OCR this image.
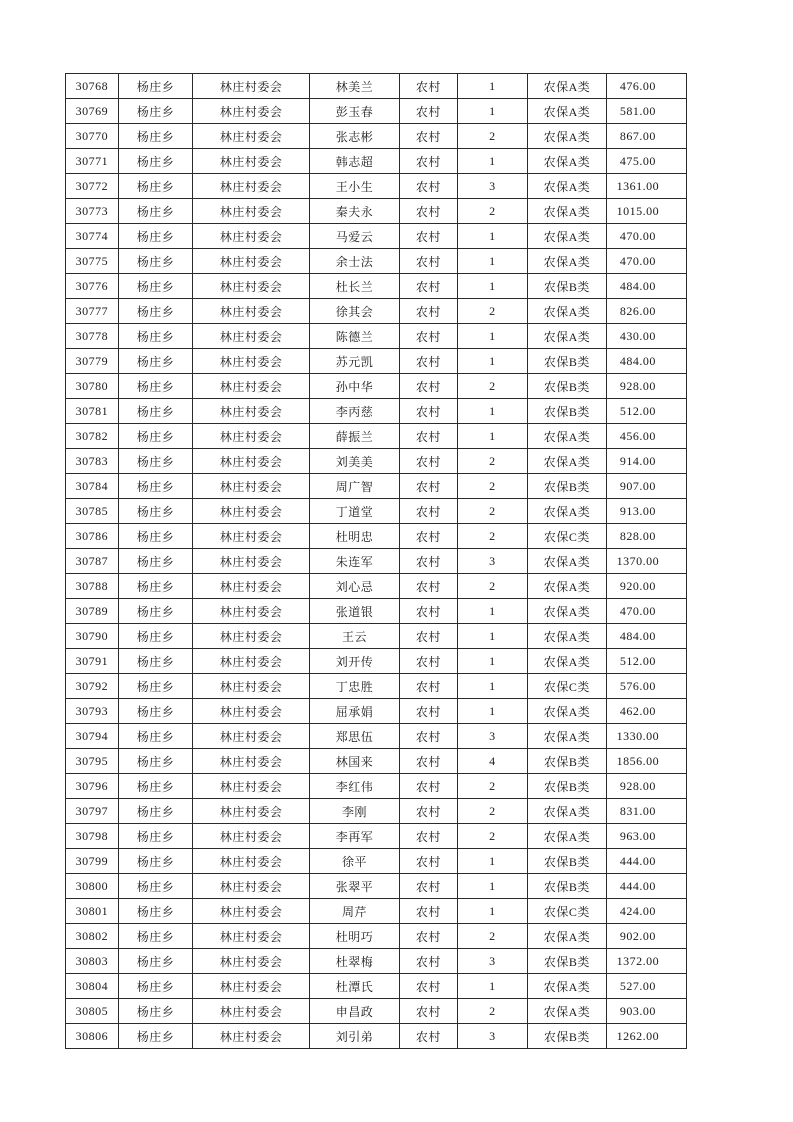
30768	杨庄乡	林庄村委会	林美兰	农村	1	农保A类	476.00
30769	杨庄乡	林庄村委会	彭玉春	农村	1	农保A类	581.00
30770	杨庄乡	林庄村委会	张志彬	农村	2	农保A类	867.00
30771	杨庄乡	林庄村委会	韩志超	农村	1	农保A类	475.00
30772	杨庄乡	林庄村委会	王小生	农村	3	农保A类	1361.00
30773	杨庄乡	林庄村委会	秦夫永	农村	2	农保A类	1015.00
30774	杨庄乡	林庄村委会	马爱云	农村	1	农保A类	470.00
30775	杨庄乡	林庄村委会	余士法	农村	1	农保A类	470.00
30776	杨庄乡	林庄村委会	杜长兰	农村	1	农保B类	484.00
30777	杨庄乡	林庄村委会	徐其会	农村	2	农保A类	826.00
30778	杨庄乡	林庄村委会	陈德兰	农村	1	农保A类	430.00
30779	杨庄乡	林庄村委会	苏元凯	农村	1	农保B类	484.00
30780	杨庄乡	林庄村委会	孙中华	农村	2	农保B类	928.00
30781	杨庄乡	林庄村委会	李丙慈	农村	1	农保B类	512.00
30782	杨庄乡	林庄村委会	薛振兰	农村	1	农保A类	456.00
30783	杨庄乡	林庄村委会	刘美美	农村	2	农保A类	914.00
30784	杨庄乡	林庄村委会	周广智	农村	2	农保B类	907.00
30785	杨庄乡	林庄村委会	丁道堂	农村	2	农保A类	913.00
30786	杨庄乡	林庄村委会	杜明忠	农村	2	农保C类	828.00
30787	杨庄乡	林庄村委会	朱连军	农村	3	农保A类	1370.00
30788	杨庄乡	林庄村委会	刘心忌	农村	2	农保A类	920.00
30789	杨庄乡	林庄村委会	张道银	农村	1	农保A类	470.00
30790	杨庄乡	林庄村委会	王云	农村	1	农保A类	484.00
30791	杨庄乡	林庄村委会	刘开传	农村	1	农保A类	512.00
30792	杨庄乡	林庄村委会	丁忠胜	农村	1	农保C类	576.00
30793	杨庄乡	林庄村委会	屈承娟	农村	1	农保A类	462.00
30794	杨庄乡	林庄村委会	郑思伍	农村	3	农保A类	1330.00
30795	杨庄乡	林庄村委会	林国来	农村	4	农保B类	1856.00
30796	杨庄乡	林庄村委会	李红伟	农村	2	农保B类	928.00
30797	杨庄乡	林庄村委会	李刚	农村	2	农保A类	831.00
30798	杨庄乡	林庄村委会	李再军	农村	2	农保A类	963.00
30799	杨庄乡	林庄村委会	徐平	农村	1	农保B类	444.00
30800	杨庄乡	林庄村委会	张翠平	农村	1	农保B类	444.00
30801	杨庄乡	林庄村委会	周芹	农村	1	农保C类	424.00
30802	杨庄乡	林庄村委会	杜明巧	农村	2	农保A类	902.00
30803	杨庄乡	林庄村委会	杜翠梅	农村	3	农保B类	1372.00
30804	杨庄乡	林庄村委会	杜潭氏	农村	1	农保A类	527.00
30805	杨庄乡	林庄村委会	申昌政	农村	2	农保A类	903.00
30806	杨庄乡	林庄村委会	刘引弟	农村	3	农保B类	1262.00
